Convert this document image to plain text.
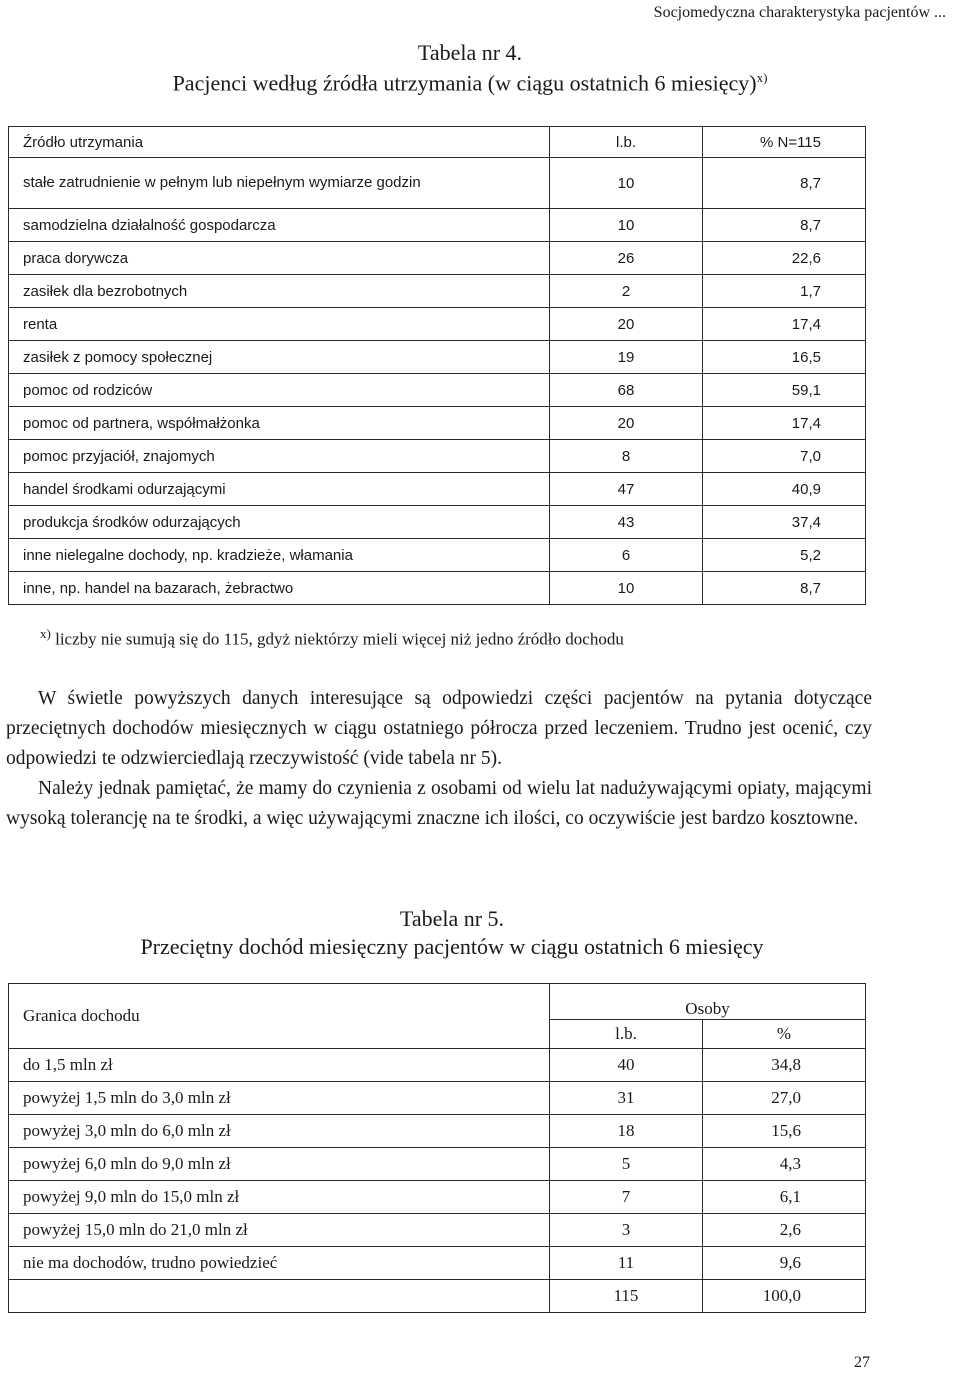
Socjomedyczna charakterystyka pacjentów ...
Tabela nr 4.
Pacjenci według źródła utrzymania (w ciągu ostatnich 6 miesięcy)$^{x)}$
Źródło utrzymania	l.b.	% N=115
stałe zatrudnienie w pełnym lub niepełnym wymiarze godzin	10	8,7
samodzielna działalność gospodarcza	10	8,7
praca dorywcza	26	22,6
zasiłek dla bezrobotnych	2	1,7
renta	20	17,4
zasiłek z pomocy społecznej	19	16,5
pomoc od rodziców	68	59,1
pomoc od partnera, współmałżonka	20	17,4
pomoc przyjaciół, znajomych	8	7,0
handel środkami odurzającymi	47	40,9
produkcja środków odurzających	43	37,4
inne nielegalne dochody, np. kradzieże, włamania	6	5,2
inne, np. handel na bazarach, żebractwo	10	8,7
$^{x)}$ liczby nie sumują się do 115, gdyż niektórzy mieli więcej niż jedno źródło dochodu

W świetle powyższych danych interesujące są odpowiedzi części pacjentów na pytania dotyczące przeciętnych dochodów miesięcznych w ciągu ostatniego półrocza przed leczeniem. Trudno jest ocenić, czy odpowiedzi te odzwierciedlają rzeczywistość (vide tabela nr 5).

Należy jednak pamiętać, że mamy do czynienia z osobami od wielu lat nadużywającymi opiaty, mającymi wysoką tolerancję na te środki, a więc używającymi znaczne ich ilości, co oczywiście jest bardzo kosztowne.

Tabela nr 5.
Przeciętny dochód miesięczny pacjentów w ciągu ostatnich 6 miesięcy
Granica dochodu	Osoby	
	l.b.	%
do 1,5 mln zł	40	34,8
powyżej 1,5 mln do 3,0 mln zł	31	27,0
powyżej 3,0 mln do 6,0 mln zł	18	15,6
powyżej 6,0 mln do 9,0 mln zł	5	4,3
powyżej 9,0 mln do 15,0 mln zł	7	6,1
powyżej 15,0 mln do 21,0 mln zł	3	2,6
nie ma dochodów, trudno powiedzieć	11	9,6
	115	100,0
27
